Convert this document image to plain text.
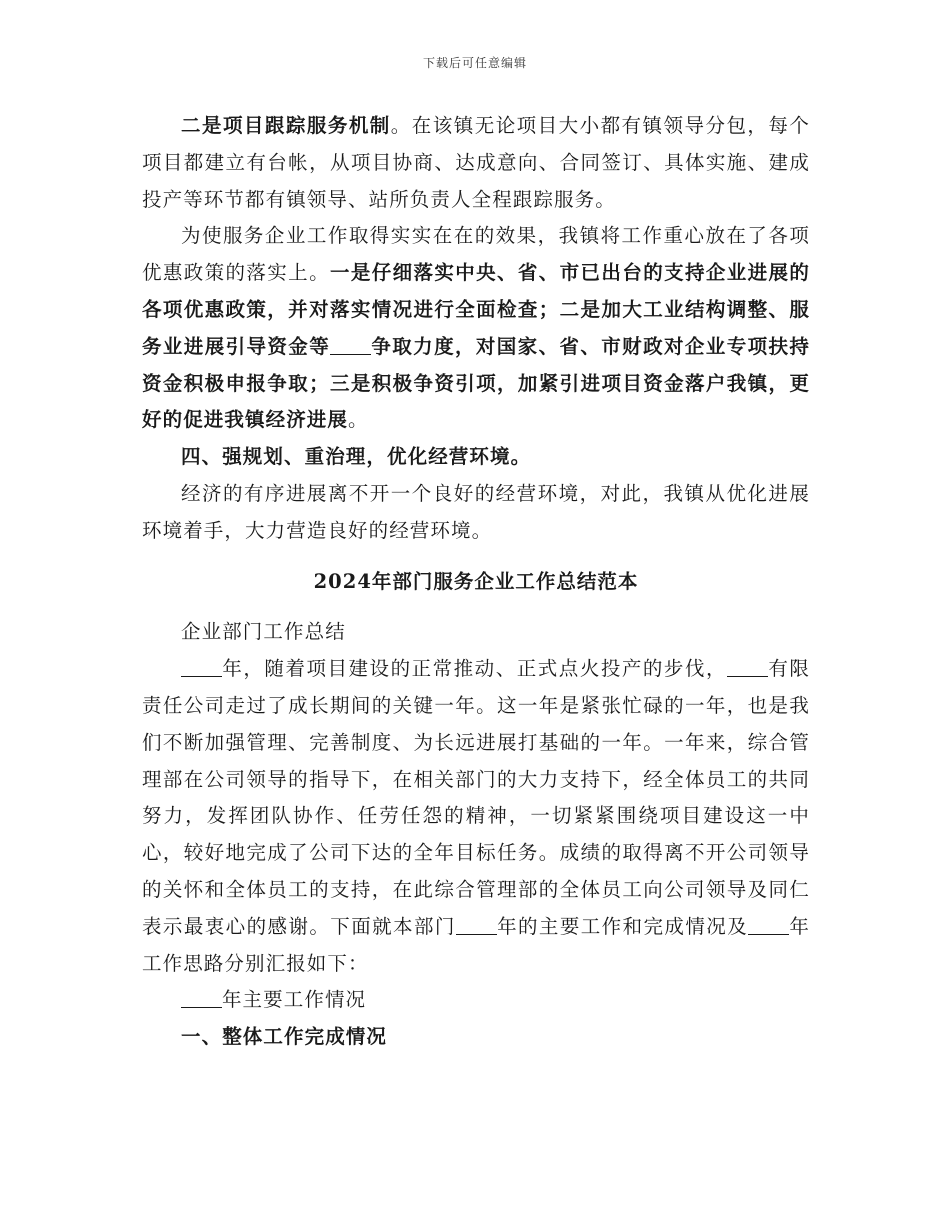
下载后可任意编辑

二是项目跟踪服务机制。在该镇无论项目大小都有镇领导分包，每个项目都建立有台帐，从项目协商、达成意向、合同签订、具体实施、建成投产等环节都有镇领导、站所负责人全程跟踪服务。

为使服务企业工作取得实实在在的效果，我镇将工作重心放在了各项优惠政策的落实上。一是仔细落实中央、省、市已出台的支持企业进展的各项优惠政策，并对落实情况进行全面检查；二是加大工业结构调整、服务业进展引导资金等 争取力度，对国家、省、市财政对企业专项扶持资金积极申报争取；三是积极争资引项，加紧引进项目资金落户我镇，更好的促进我镇经济进展。

四、强规划、重治理，优化经营环境。

经济的有序进展离不开一个良好的经营环境，对此，我镇从优化进展环境着手，大力营造良好的经营环境。

2024年部门服务企业工作总结范本

企业部门工作总结

年，随着项目建设的正常推动、正式点火投产的步伐， 有限责任公司走过了成长期间的关键一年。这一年是紧张忙碌的一年，也是我们不断加强管理、完善制度、为长远进展打基础的一年。一年来，综合管理部在公司领导的指导下，在相关部门的大力支持下，经全体员工的共同努力，发挥团队协作、任劳任怨的精神，一切紧紧围绕项目建设这一中心，较好地完成了公司下达的全年目标任务。成绩的取得离不开公司领导的关怀和全体员工的支持，在此综合管理部的全体员工向公司领导及同仁表示最衷心的感谢。下面就本部门 年的主要工作和完成情况及 年工作思路分别汇报如下：

年主要工作情况

一、整体工作完成情况
